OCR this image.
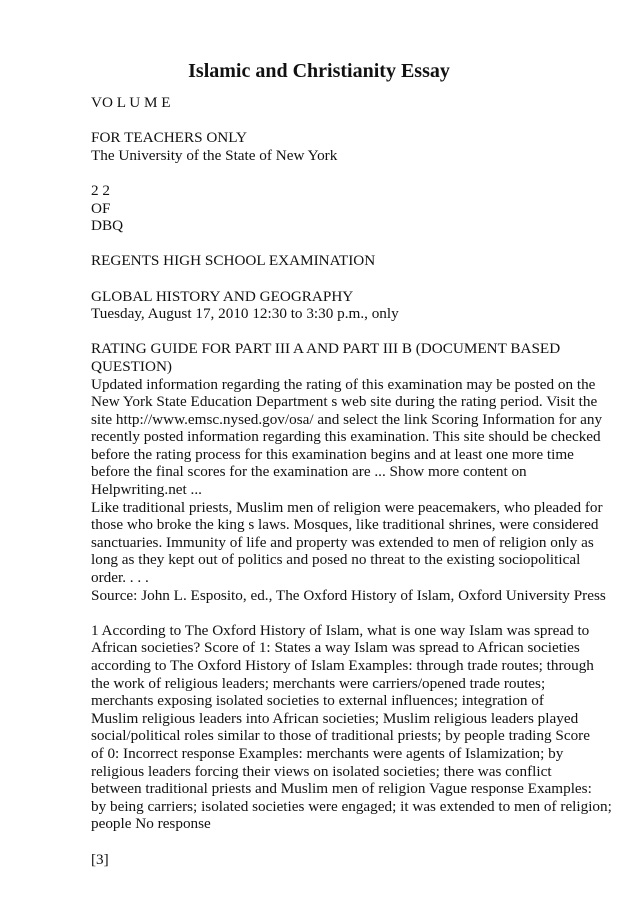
Islamic and Christianity Essay

VO L U M E

FOR TEACHERS ONLY
The University of the State of New York

2 2
OF
DBQ

REGENTS HIGH SCHOOL EXAMINATION

GLOBAL HISTORY AND GEOGRAPHY
Tuesday, August 17, 2010 12:30 to 3:30 p.m., only

RATING GUIDE FOR PART III A AND PART III B (DOCUMENT BASED
QUESTION)
Updated information regarding the rating of this examination may be posted on the
New York State Education Department s web site during the rating period. Visit the
site http://www.emsc.nysed.gov/osa/ and select the link Scoring Information for any
recently posted information regarding this examination. This site should be checked
before the rating process for this examination begins and at least one more time
before the final scores for the examination are ... Show more content on
Helpwriting.net ...
Like traditional priests, Muslim men of religion were peacemakers, who pleaded for
those who broke the king s laws. Mosques, like traditional shrines, were considered
sanctuaries. Immunity of life and property was extended to men of religion only as
long as they kept out of politics and posed no threat to the existing sociopolitical
order. . . .
Source: John L. Esposito, ed., The Oxford History of Islam, Oxford University Press

1 According to The Oxford History of Islam, what is one way Islam was spread to
African societies? Score of 1: States a way Islam was spread to African societies
according to The Oxford History of Islam Examples: through trade routes; through
the work of religious leaders; merchants were carriers/opened trade routes;
merchants exposing isolated societies to external influences; integration of
Muslim religious leaders into African societies; Muslim religious leaders played
social/political roles similar to those of traditional priests; by people trading Score
of 0: Incorrect response Examples: merchants were agents of Islamization; by
religious leaders forcing their views on isolated societies; there was conflict
between traditional priests and Muslim men of religion Vague response Examples:
by being carriers; isolated societies were engaged; it was extended to men of religion;
people No response

[3]
